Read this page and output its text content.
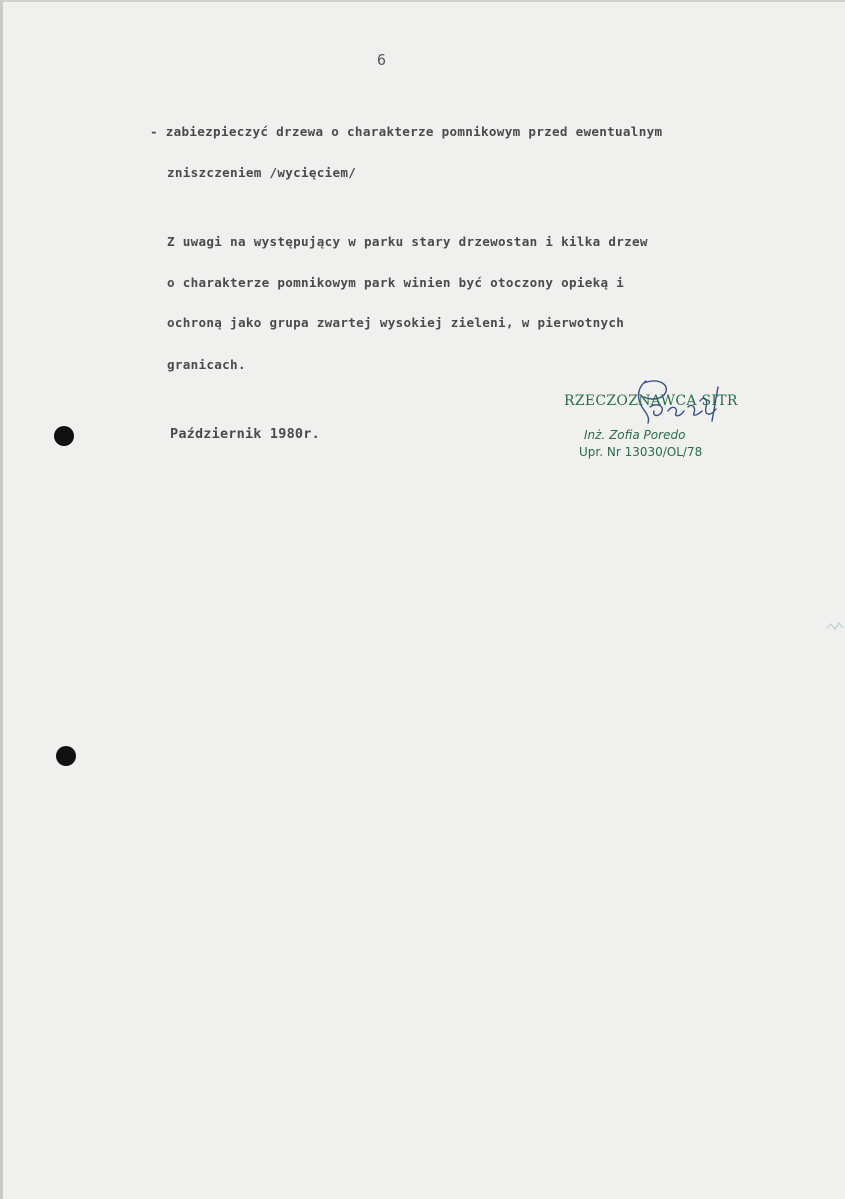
6
- zabiezpieczyć drzewa o charakterze pomnikowym przed ewentualnym
zniszczeniem /wycięciem/
Z uwagi na występujący w parku stary drzewostan i kilka drzew
o charakterze pomnikowym park winien być otoczony opieką i
ochroną jako grupa zwartej wysokiej zieleni, w pierwotnych
granicach.
Październik 1980r.
RZECZOZNAWCA SITR
Inż. Zofia Poredo
Upr. Nr 13030/OL/78
